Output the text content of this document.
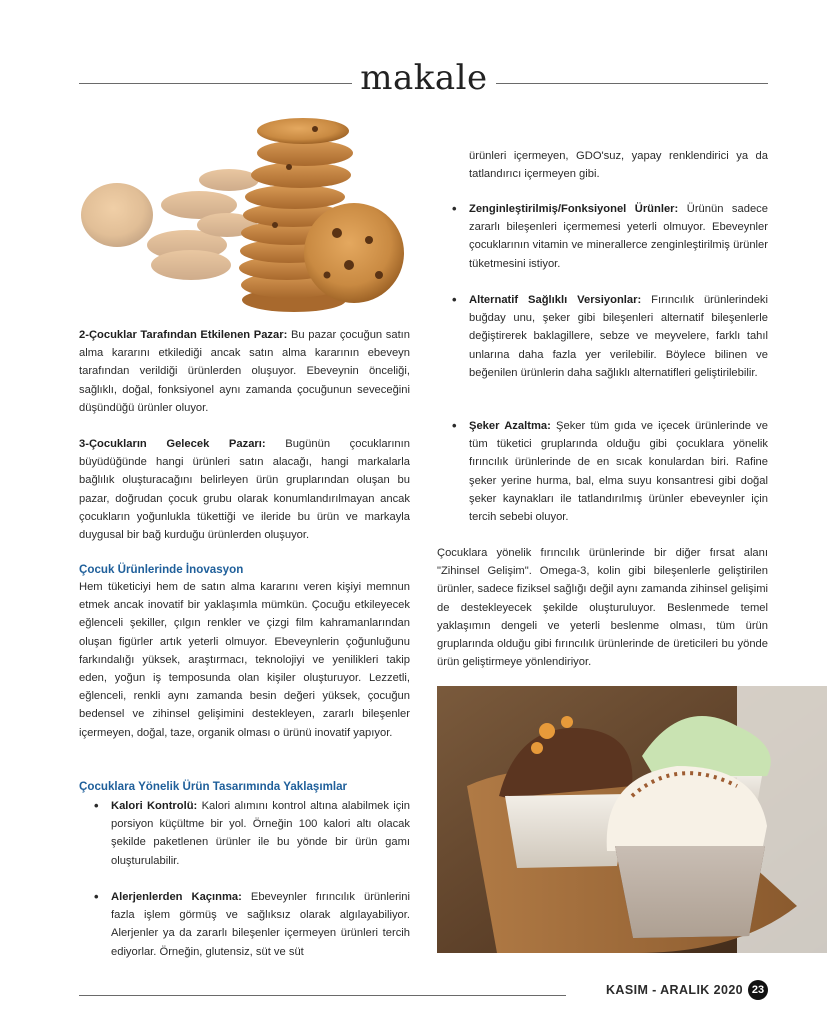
makale
2-Çocuklar Tarafından Etkilenen Pazar: Bu pazar çocuğun satın alma kararını etkilediği ancak satın alma kararının ebeveyn tarafından verildiği ürünlerden oluşuyor. Ebeveynin önceliği, sağlıklı, doğal, fonksiyonel aynı zamanda çocuğunun seveceğini düşündüğü ürünler oluyor.
3-Çocukların Gelecek Pazarı: Bugünün çocuklarının büyüdüğünde hangi ürünleri satın alacağı, hangi markalarla bağlılık oluşturacağını belirleyen ürün gruplarından oluşan bu pazar, doğrudan çocuk grubu olarak konumlandırılmayan ancak çocukların yoğunlukla tükettiği ve ileride bu ürün ve markayla duygusal bir bağ kurduğu ürünlerden oluşuyor.
Çocuk Ürünlerinde İnovasyon
Hem tüketiciyi hem de satın alma kararını veren kişiyi memnun etmek ancak inovatif bir yaklaşımla mümkün. Çocuğu etkileyecek eğlenceli şekiller, çılgın renkler ve çizgi film kahramanlarından oluşan figürler artık yeterli olmuyor. Ebeveynlerin çoğunluğunu farkındalığı yüksek, araştırmacı, teknolojiyi ve yenilikleri takip eden, yoğun iş temposunda olan kişiler oluşturuyor. Lezzetli, eğlenceli, renkli aynı zamanda besin değeri yüksek, çocuğun bedensel ve zihinsel gelişimini destekleyen, zararlı bileşenler içermeyen, doğal, taze, organik olması o ürünü inovatif yapıyor.
Çocuklara Yönelik Ürün Tasarımında Yaklaşımlar
• Kalori Kontrolü: Kalori alımını kontrol altına alabilmek için porsiyon küçültme bir yol. Örneğin 100 kalori altı olacak şekilde paketlenen ürünler ile bu yönde bir ürün gamı oluşturulabilir.
• Alerjenlerden Kaçınma: Ebeveynler fırıncılık ürünlerini fazla işlem görmüş ve sağlıksız olarak algılayabiliyor. Alerjenler ya da zararlı bileşenler içermeyen ürünleri tercih ediyorlar. Örneğin, glutensiz, süt ve süt
ürünleri içermeyen, GDO'suz, yapay renklendirici ya da tatlandırıcı içermeyen gibi.
• Zenginleştirilmiş/Fonksiyonel Ürünler: Ürünün sadece zararlı bileşenleri içermemesi yeterli olmuyor. Ebeveynler çocuklarının vitamin ve minerallerce zenginleştirilmiş ürünler tüketmesini istiyor.
• Alternatif Sağlıklı Versiyonlar: Fırıncılık ürünlerindeki buğday unu, şeker gibi bileşenleri alternatif bileşenlerle değiştirerek baklagillere, sebze ve meyvelere, farklı tahıl unlarına daha fazla yer verilebilir. Böylece bilinen ve beğenilen ürünlerin daha sağlıklı alternatifleri geliştirilebilir.
• Şeker Azaltma: Şeker tüm gıda ve içecek ürünlerinde ve tüm tüketici gruplarında olduğu gibi çocuklara yönelik fırıncılık ürünlerinde de en sıcak konulardan biri. Rafine şeker yerine hurma, bal, elma suyu konsantresi gibi doğal şeker kaynakları ile tatlandırılmış ürünler ebeveynler için tercih sebebi oluyor.
Çocuklara yönelik fırıncılık ürünlerinde bir diğer fırsat alanı "Zihinsel Gelişim". Omega-3, kolin gibi bileşenlerle geliştirilen ürünler, sadece fiziksel sağlığı değil aynı zamanda zihinsel gelişimi de destekleyecek şekilde oluşturuluyor. Beslenmede temel yaklaşımın dengeli ve yeterli beslenme olması, tüm ürün gruplarında olduğu gibi fırıncılık ürünlerinde de üreticileri bu yönde ürün geliştirmeye yönlendiriyor.
KASIM - ARALIK 2020 23
